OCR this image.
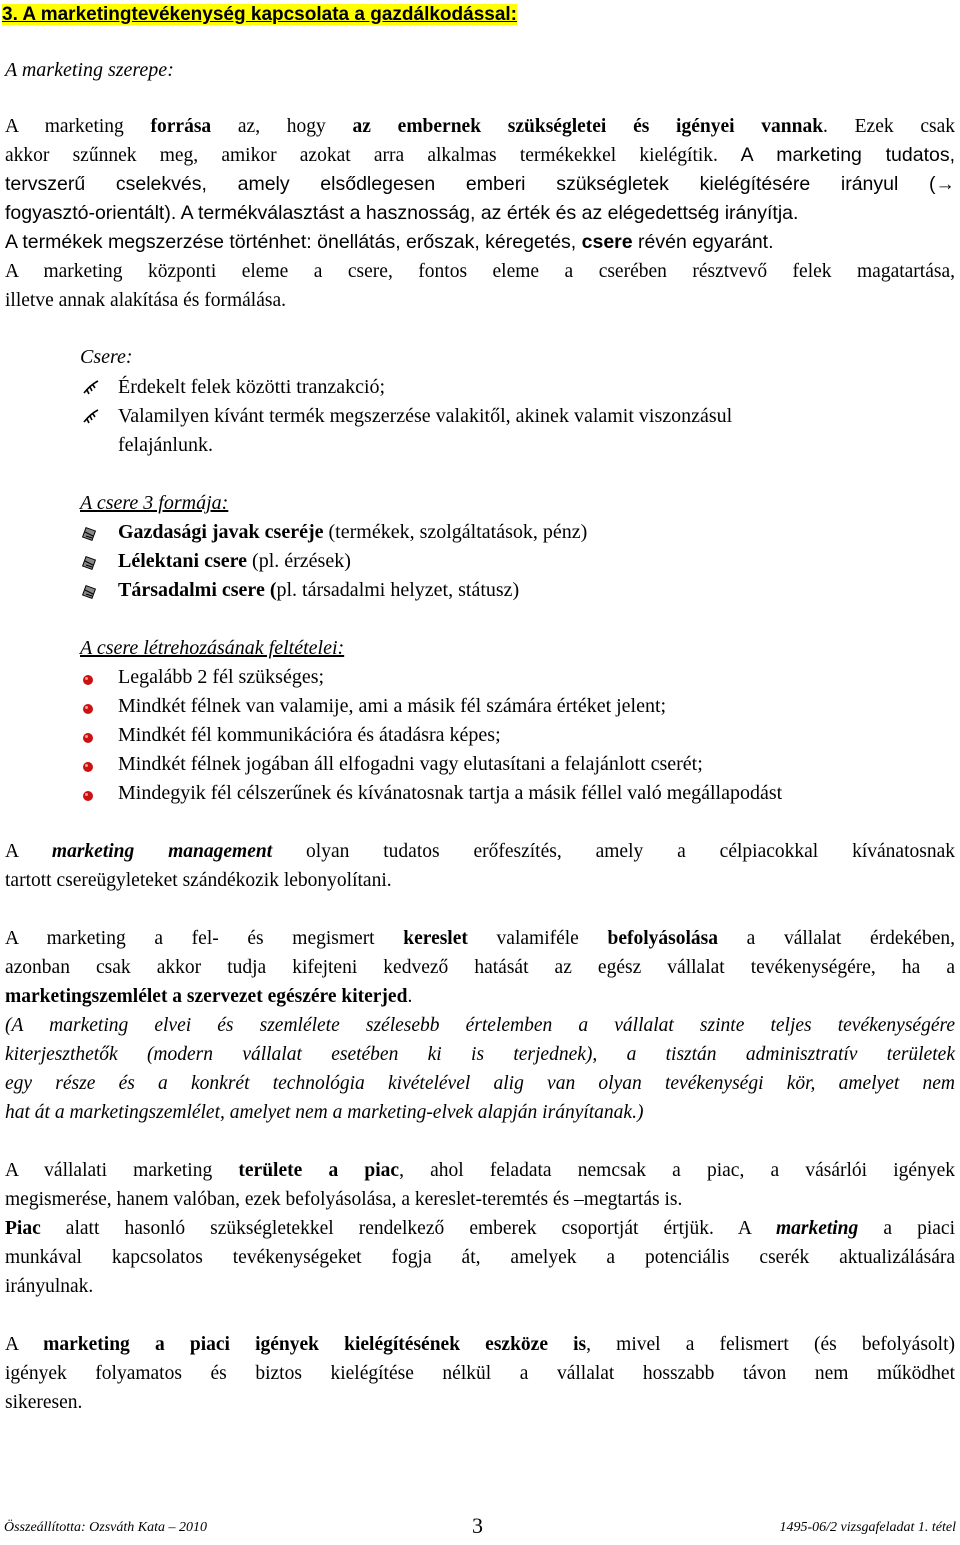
3. A marketingtevékenység kapcsolata a gazdálkodással:
A marketing szerepe:
A marketing forrása az, hogy az embernek szükségletei és igényei vannak. Ezek csak
akkor szűnnek meg, amikor azokat arra alkalmas termékekkel kielégítik. A marketing tudatos,
tervszerű cselekvés, amely elsődlegesen emberi szükségletek kielégítésére irányul (→
fogyasztó-orientált). A termékválasztást a hasznosság, az érték és az elégedettség irányítja.
A termékek megszerzése történhet: önellátás, erőszak, kéregetés, csere révén egyaránt.
A marketing központi eleme a csere, fontos eleme a cserében résztvevő felek magatartása,
illetve annak alakítása és formálása.
Csere:
Érdekelt felek közötti tranzakció;
Valamilyen kívánt termék megszerzése valakitől, akinek valamit viszonzásul
felajánlunk.
A csere 3 formája:
Gazdasági javak cseréje (termékek, szolgáltatások, pénz)
Lélektani csere (pl. érzések)
Társadalmi csere (pl. társadalmi helyzet, státusz)
A csere létrehozásának feltételei:
Legalább 2 fél szükséges;
Mindkét félnek van valamije, ami a másik fél számára értéket jelent;
Mindkét fél kommunikációra és átadásra képes;
Mindkét félnek jogában áll elfogadni vagy elutasítani a felajánlott cserét;
Mindegyik fél célszerűnek és kívánatosnak tartja a másik féllel való megállapodást
A marketing management olyan tudatos erőfeszítés, amely a célpiacokkal kívánatosnak
tartott csereügyleteket szándékozik lebonyolítani.
A marketing a fel- és megismert kereslet valamiféle befolyásolása a vállalat érdekében,
azonban csak akkor tudja kifejteni kedvező hatását az egész vállalat tevékenységére, ha a
marketingszemlélet a szervezet egészére kiterjed.
(A marketing elvei és szemlélete szélesebb értelemben a vállalat szinte teljes tevékenységére
kiterjeszthetők (modern vállalat esetében ki is terjednek), a tisztán adminisztratív területek
egy része és a konkrét technológia kivételével alig van olyan tevékenységi kör, amelyet nem
hat át a marketingszemlélet, amelyet nem a marketing-elvek alapján irányítanak.)
A vállalati marketing területe a piac, ahol feladata nemcsak a piac, a vásárlói igények
megismerése, hanem valóban, ezek befolyásolása, a kereslet-teremtés és –megtartás is.
Piac alatt hasonló szükségletekkel rendelkező emberek csoportját értjük. A marketing a piaci
munkával kapcsolatos tevékenységeket fogja át, amelyek a potenciális cserék aktualizálására
irányulnak.
A marketing a piaci igények kielégítésének eszköze is, mivel a felismert (és befolyásolt)
igények folyamatos és biztos kielégítése nélkül a vállalat hosszabb távon nem működhet
sikeresen.
Összeállította: Ozsváth Kata – 2010	3	1495-06/2 vizsgafeladat 1. tétel
